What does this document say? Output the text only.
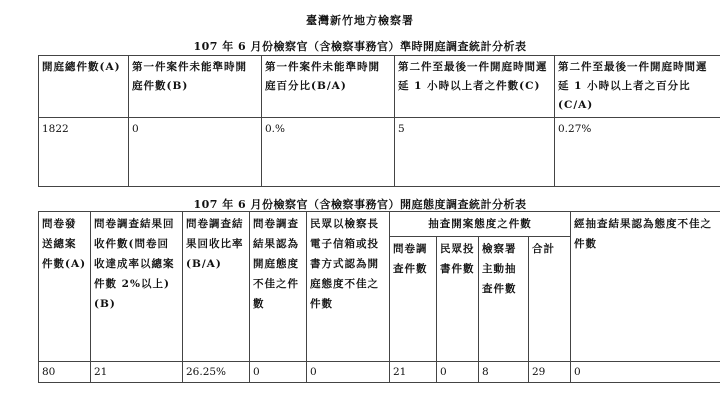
臺灣新竹地方檢察署
107 年 6 月份檢察官（含檢察事務官）準時開庭調查統計分析表
開庭總件數(A)	第一件案件未能準時開庭件數(B)	第一件案件未能準時開庭百分比(B/A)	第二件至最後一件開庭時間遲延 1 小時以上者之件數(C)	第二件至最後一件開庭時間遲延 1 小時以上者之百分比(C/A)
1822	0	0.%	5	0.27%
107 年 6 月份檢察官（含檢察事務官）開庭態度調查統計分析表
問卷發送總案件數(A)	問卷調查結果回收件數(問卷回收達成率以總案件數 2%以上)(B)	問卷調查結果回收比率(B/A)	問卷調查結果認為開庭態度不佳之件數	民眾以檢察長電子信箱或投書方式認為開庭態度不佳之件數	抽查開案態度之件數				經抽查結果認為態度不佳之件數
					問卷調查件數	民眾投書件數	檢察署主動抽查件數	合計	
80	21	26.25%	0	0	21	0	8	29	0
